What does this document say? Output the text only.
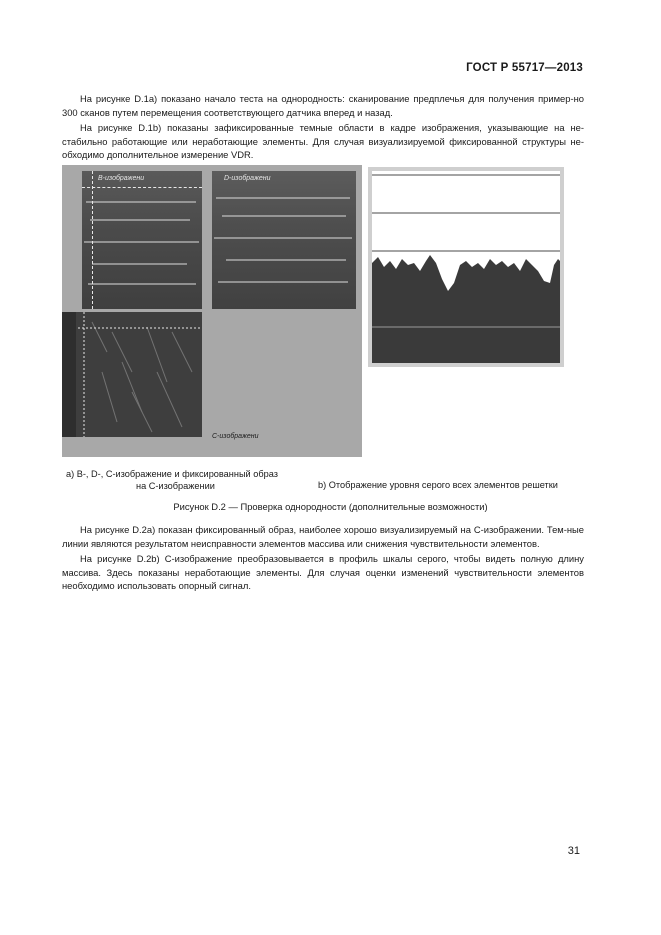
ГОСТ Р 55717—2013

На рисунке D.1a) показано начало теста на однородность: сканирование предплечья для получения пример-но 300 сканов путем перемещения соответствующего датчика вперед и назад.

На рисунке D.1b) показаны зафиксированные темные области в кадре изображения, указывающие на не-стабильно работающие или неработающие элементы. Для случая визуализируемой фиксированной структуры не-обходимо дополнительное измерение VDR.

В-изображени	D-изображени
С-изображени
a) В-, D-, С-изображение и фиксированный образ
на С-изображении	b) Отображение уровня серого всех элементов решетки
Рисунок D.2 — Проверка однородности (дополнительные возможности)

На рисунке D.2a) показан фиксированный образ, наиболее хорошо визуализируемый на С-изображении. Тем-ные линии являются результатом неисправности элементов массива или снижения чувствительности элементов.

На рисунке D.2b) С-изображение преобразовывается в профиль шкалы серого, чтобы видеть полную длину массива. Здесь показаны неработающие элементы. Для случая оценки изменений чувствительности элементов необходимо использовать опорный сигнал.

31
